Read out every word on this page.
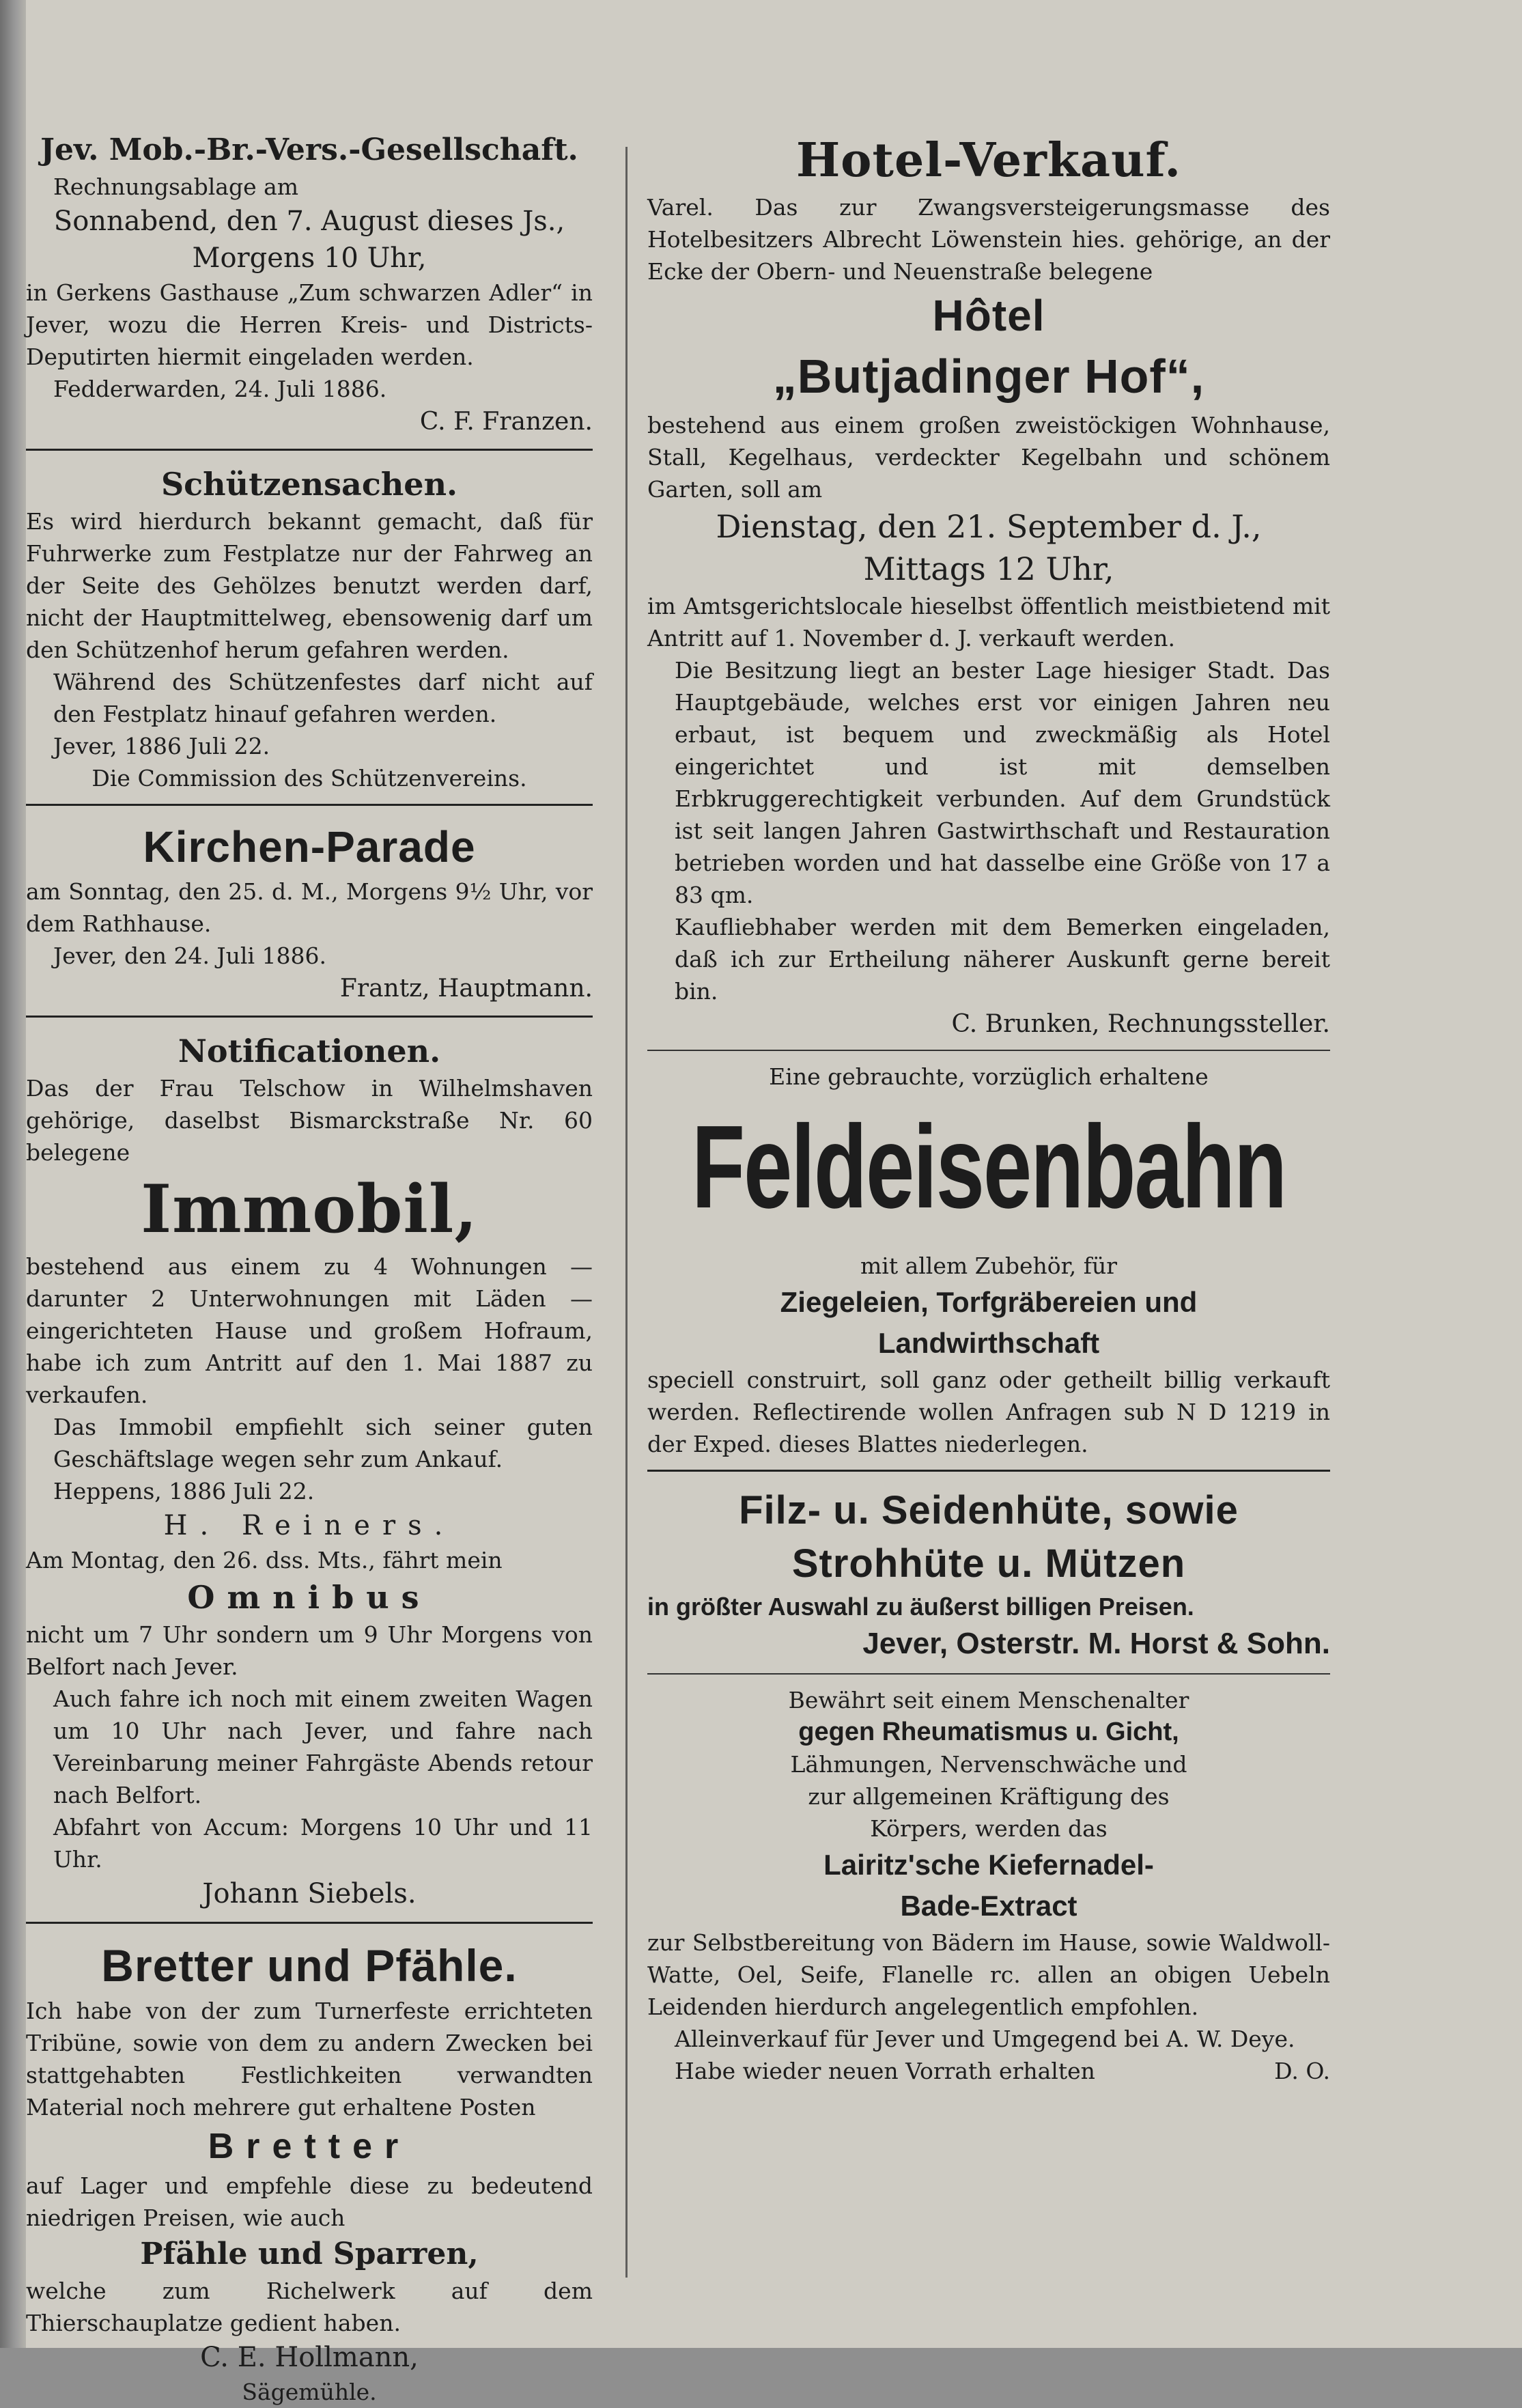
Jev. Mob.-Br.-Vers.-Gesellschaft.

Rechnungsablage am

Sonnabend, den 7. August dieses Js.,

Morgens 10 Uhr,

in Gerkens Gasthause „Zum schwarzen Adler“ in Jever, wozu die Herren Kreis- und Districts-Deputirten hiermit eingeladen werden.

Fedderwarden, 24. Juli 1886.

C. F. Franzen.

Schützensachen.

Es wird hierdurch bekannt gemacht, daß für Fuhrwerke zum Festplatze nur der Fahrweg an der Seite des Gehölzes benutzt werden darf, nicht der Hauptmittelweg, ebensowenig darf um den Schützenhof herum gefahren werden.

Während des Schützenfestes darf nicht auf den Festplatz hinauf gefahren werden.

Jever, 1886 Juli 22.

Die Commission des Schützenvereins.

Kirchen-Parade

am Sonntag, den 25. d. M., Morgens 9½ Uhr, vor dem Rathhause.

Jever, den 24. Juli 1886.

Frantz, Hauptmann.

Notificationen.

Das der Frau Telschow in Wilhelmshaven gehörige, daselbst Bismarckstraße Nr. 60 belegene

Immobil,

bestehend aus einem zu 4 Wohnungen — darunter 2 Unterwohnungen mit Läden — eingerichteten Hause und großem Hofraum, habe ich zum Antritt auf den 1. Mai 1887 zu verkaufen.

Das Immobil empfiehlt sich seiner guten Geschäftslage wegen sehr zum Ankauf.

Heppens, 1886 Juli 22.

H. Reiners.

Am Montag, den 26. dss. Mts., fährt mein

Omnibus

nicht um 7 Uhr sondern um 9 Uhr Morgens von Belfort nach Jever.

Auch fahre ich noch mit einem zweiten Wagen um 10 Uhr nach Jever, und fahre nach Vereinbarung meiner Fahrgäste Abends retour nach Belfort.

Abfahrt von Accum: Morgens 10 Uhr und 11 Uhr.

Johann Siebels.

Bretter und Pfähle.

Ich habe von der zum Turnerfeste errichteten Tribüne, sowie von dem zu andern Zwecken bei stattgehabten Festlichkeiten verwandten Material noch mehrere gut erhaltene Posten

Bretter

auf Lager und empfehle diese zu bedeutend niedrigen Preisen, wie auch

Pfähle und Sparren,

welche zum Richelwerk auf dem Thierschauplatze gedient haben.

C. E. Hollmann,

Sägemühle.

Hotel-Verkauf.

Varel. Das zur Zwangsversteigerungsmasse des Hotelbesitzers Albrecht Löwenstein hies. gehörige, an der Ecke der Obern- und Neuenstraße belegene

Hôtel

„Butjadinger Hof“,

bestehend aus einem großen zweistöckigen Wohnhause, Stall, Kegelhaus, verdeckter Kegelbahn und schönem Garten, soll am

Dienstag, den 21. September d. J.,

Mittags 12 Uhr,

im Amtsgerichtslocale hieselbst öffentlich meistbietend mit Antritt auf 1. November d. J. verkauft werden.

Die Besitzung liegt an bester Lage hiesiger Stadt. Das Hauptgebäude, welches erst vor einigen Jahren neu erbaut, ist bequem und zweckmäßig als Hotel eingerichtet und ist mit demselben Erbkruggerechtigkeit verbunden. Auf dem Grundstück ist seit langen Jahren Gastwirthschaft und Restauration betrieben worden und hat dasselbe eine Größe von 17 a 83 qm.

Kaufliebhaber werden mit dem Bemerken eingeladen, daß ich zur Ertheilung näherer Auskunft gerne bereit bin.

C. Brunken, Rechnungssteller.

Eine gebrauchte, vorzüglich erhaltene

Feldeisenbahn

mit allem Zubehör, für

Ziegeleien, Torfgräbereien und

Landwirthschaft

speciell construirt, soll ganz oder getheilt billig verkauft werden. Reflectirende wollen Anfragen sub N D 1219 in der Exped. dieses Blattes niederlegen.

Filz- u. Seidenhüte, sowie

Strohhüte u. Mützen

in größter Auswahl zu äußerst billigen Preisen.

Jever, Osterstr. M. Horst & Sohn.

Bewährt seit einem Menschenalter

gegen Rheumatismus u. Gicht,

Lähmungen, Nervenschwäche und

zur allgemeinen Kräftigung des

Körpers, werden das

Lairitz'sche Kiefernadel-

Bade-Extract

zur Selbstbereitung von Bädern im Hause, sowie Waldwoll-Watte, Oel, Seife, Flanelle rc. allen an obigen Uebeln Leidenden hierdurch angelegentlich empfohlen.

Alleinverkauf für Jever und Umgegend bei A. W. Deye.

Habe wieder neuen Vorrath erhalten	D. O.
